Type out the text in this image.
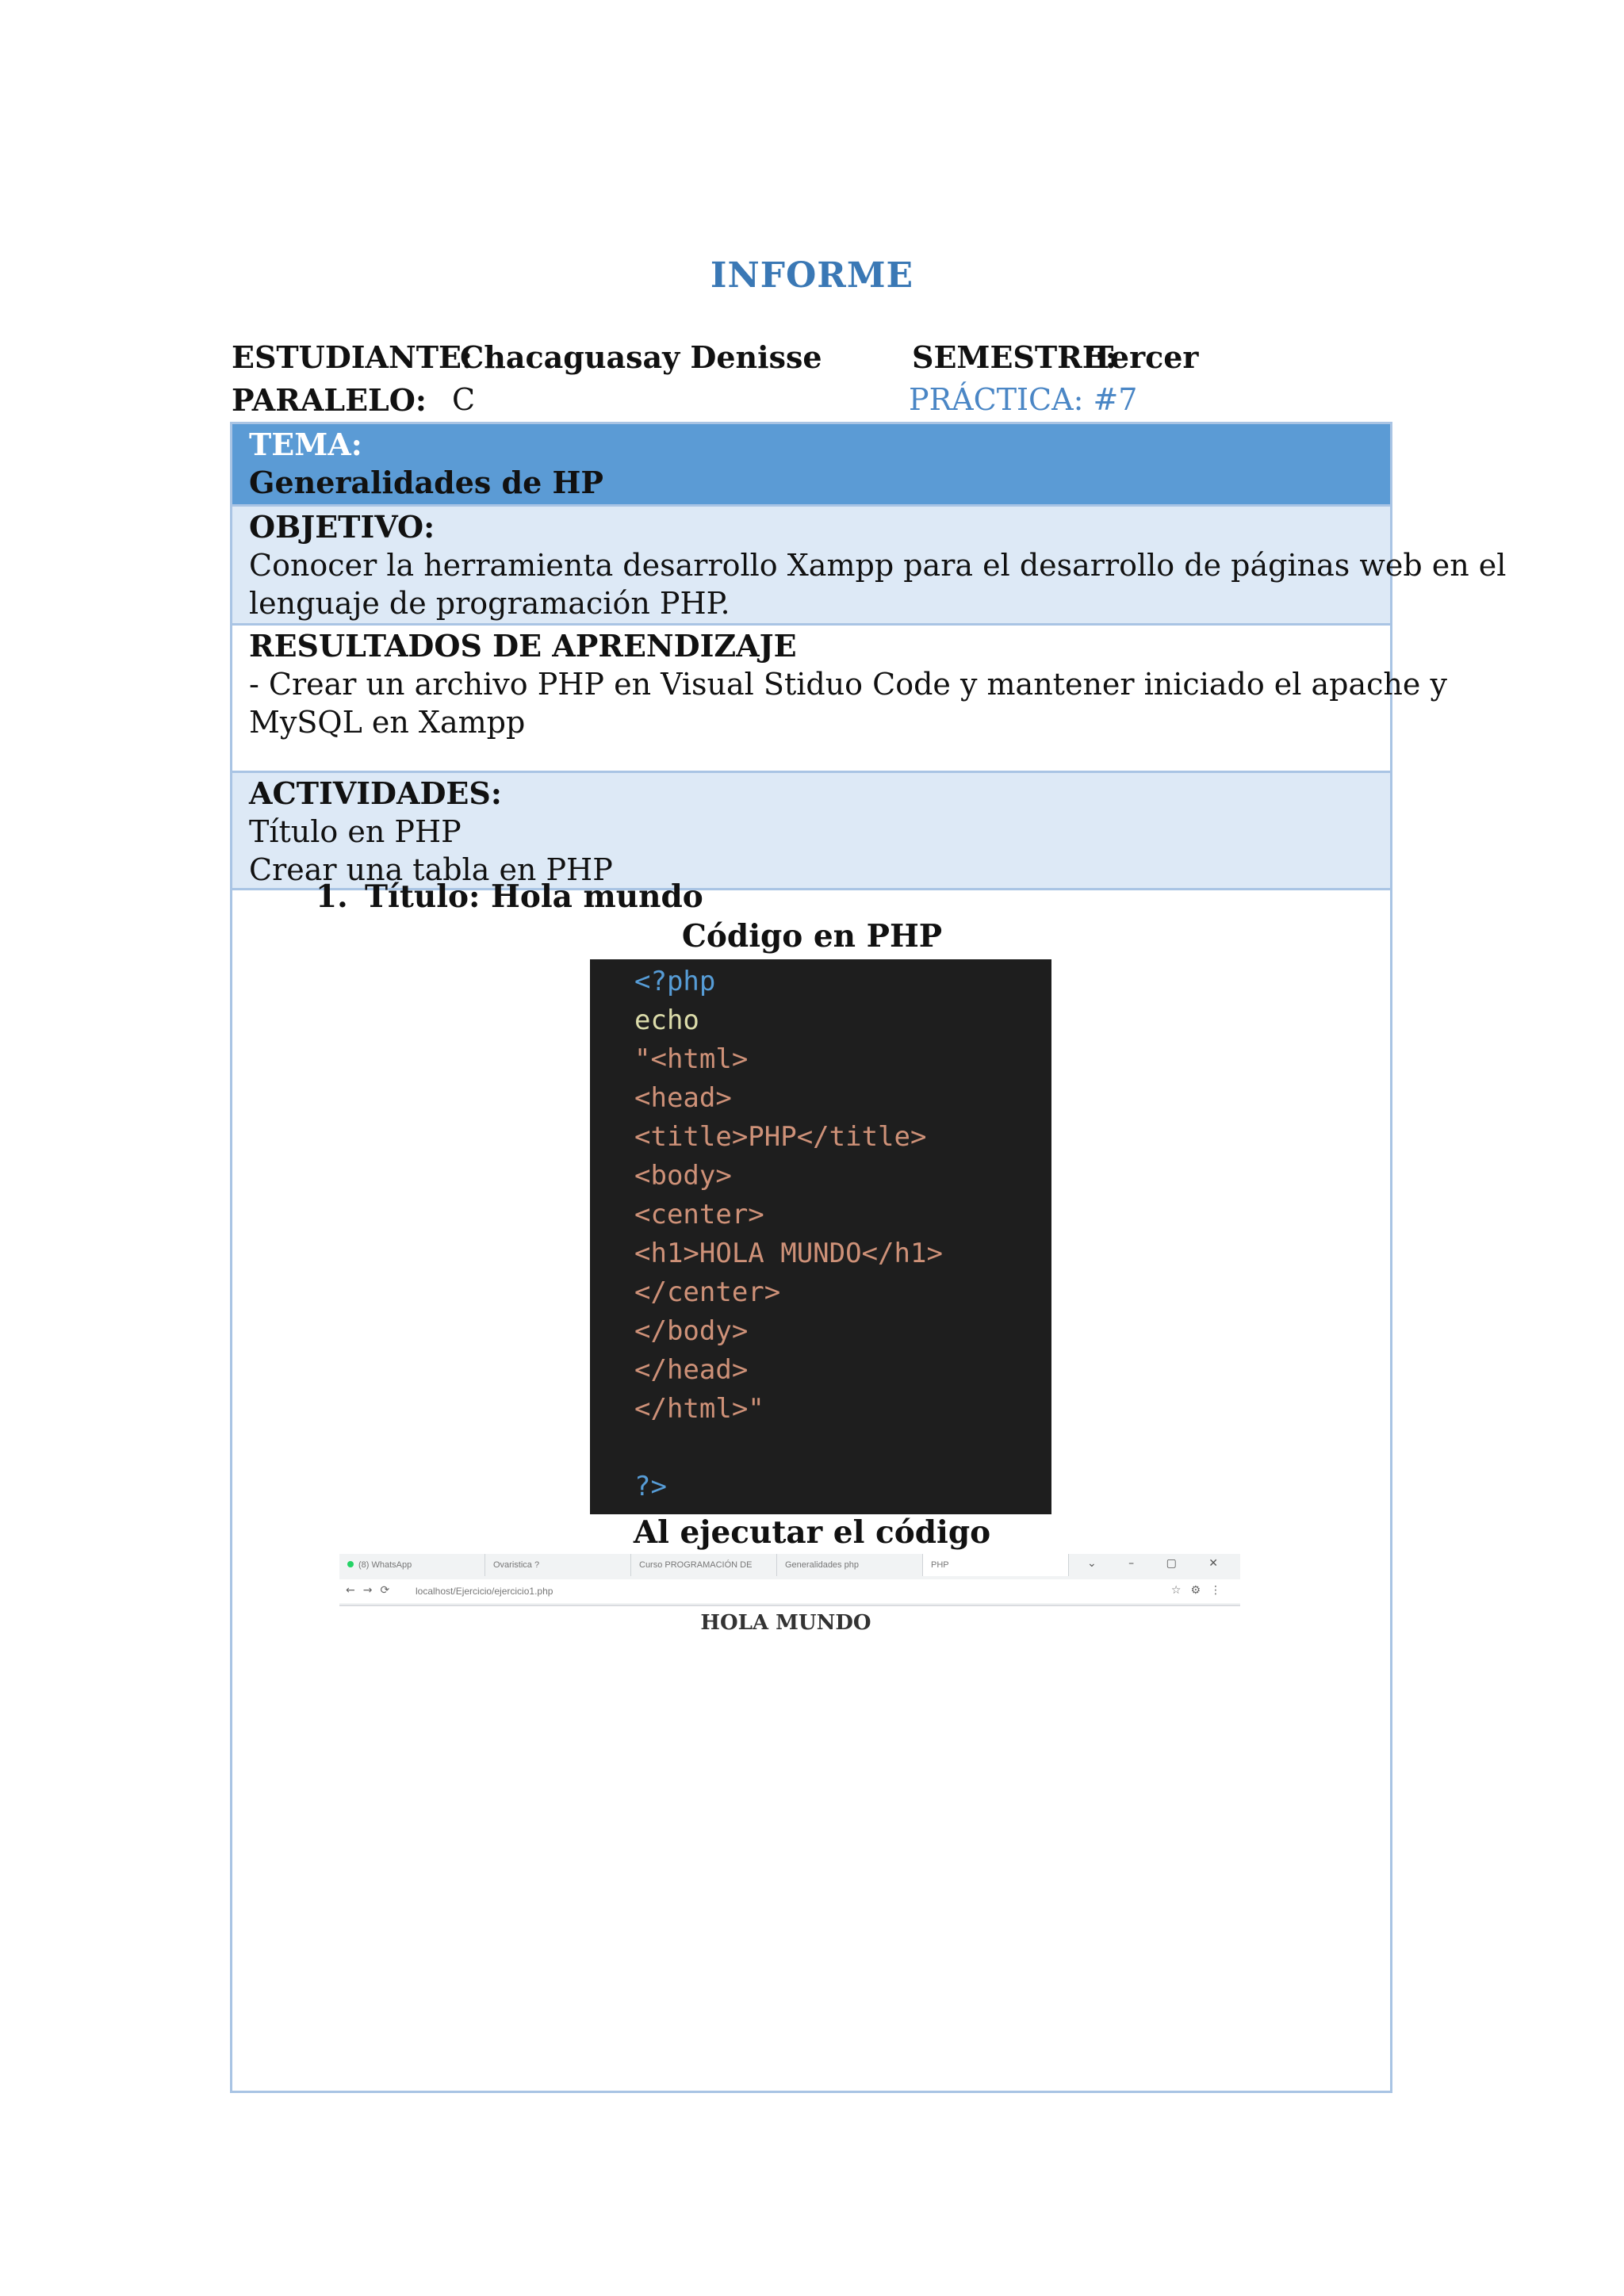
INFORME
ESTUDIANTE:
Chacaguasay Denisse	SEMESTRE:
Tercer
PARALELO: C	PRÁCTICA: #7
TEMA:
Generalidades de HP
OBJETIVO:
Conocer la herramienta desarrollo Xampp para el desarrollo de páginas web en el
lenguaje de programación PHP.
RESULTADOS DE APRENDIZAJE
- Crear un archivo PHP en Visual Stiduo Code y mantener iniciado el apache y
MySQL en Xampp
ACTIVIDADES:
Título en PHP
Crear una tabla en PHP
1. Título: Hola mundo
Código en PHP
<?php
echo
"<html>
<head>
<title>PHP</title>
<body>
<center>
<h1>HOLA MUNDO</h1>
</center>
</body>
</head>
</html>"
?>
Al ejecutar el código
(8) WhatsApp	Ovaristica ?	Curso PROGRAMACIÓN DE	Generalidades php	PHP	⌄ – ▢ ✕
←→⟳ localhost/Ejercicio/ejercicio1.php	☆⚙⋮
HOLA MUNDO
